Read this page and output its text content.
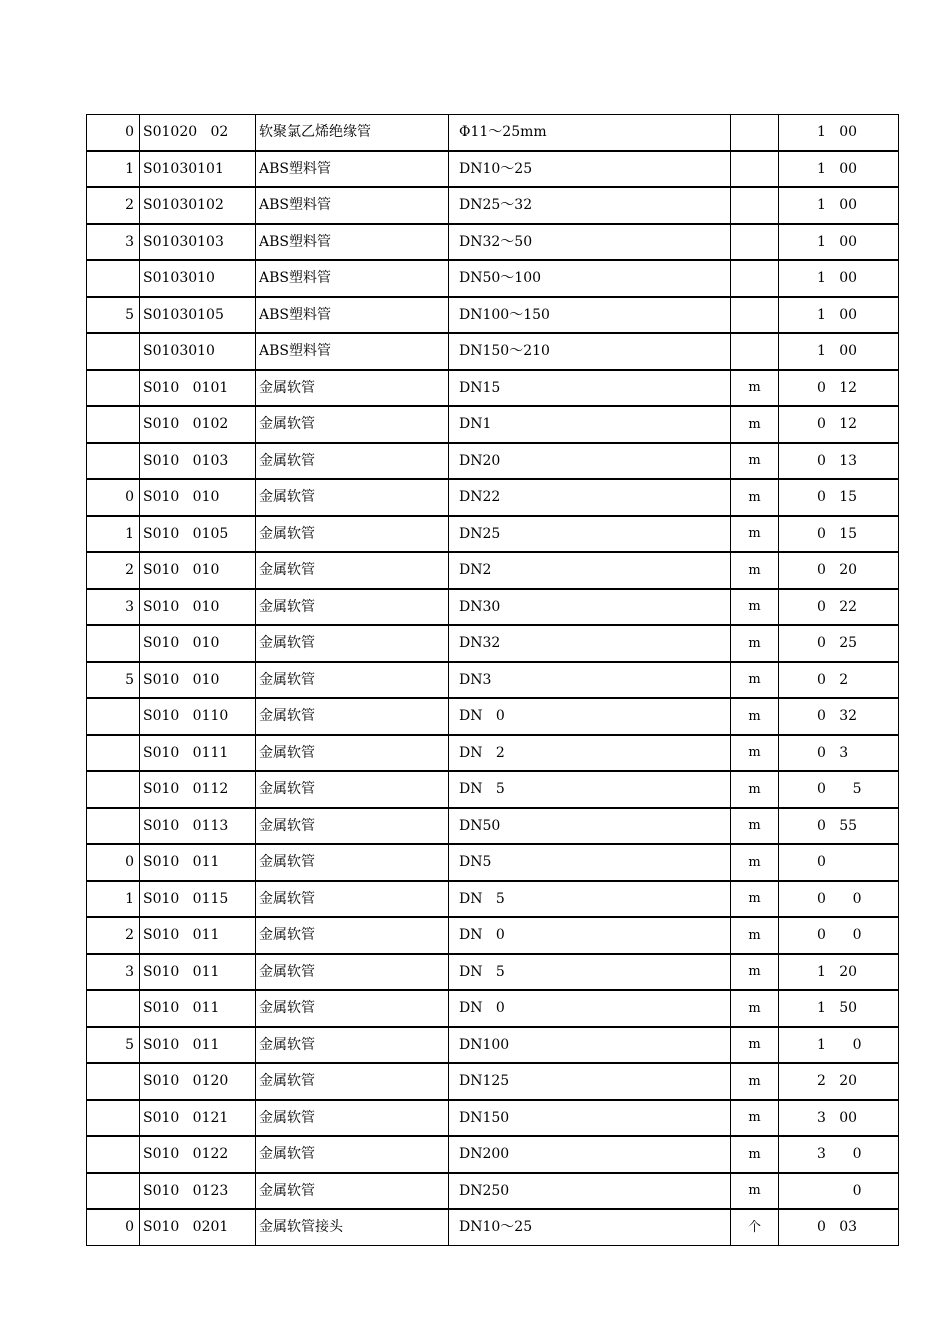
0	S01020   02	软聚氯乙烯绝缘管	Φ11～25mm		1   00
1	S01030101	ABS塑料管	DN10～25		1   00
2	S01030102	ABS塑料管	DN25～32		1   00
3	S01030103	ABS塑料管	DN32～50		1   00
	S0103010	ABS塑料管	DN50～100		1   00
5	S01030105	ABS塑料管	DN100～150		1   00
	S0103010	ABS塑料管	DN150～210		1   00
	S010   0101	金属软管	DN15	m	0   12
	S010   0102	金属软管	DN1	m	0   12
	S010   0103	金属软管	DN20	m	0   13
0	S010   010	金属软管	DN22	m	0   15
1	S010   0105	金属软管	DN25	m	0   15
2	S010   010	金属软管	DN2	m	0   20
3	S010   010	金属软管	DN30	m	0   22
	S010   010	金属软管	DN32	m	0   25
5	S010   010	金属软管	DN3	m	0   2
	S010   0110	金属软管	DN   0	m	0   32
	S010   0111	金属软管	DN   2	m	0   3
	S010   0112	金属软管	DN   5	m	0      5
	S010   0113	金属软管	DN50	m	0   55
0	S010   011	金属软管	DN5	m	0
1	S010   0115	金属软管	DN   5	m	0      0
2	S010   011	金属软管	DN   0	m	0      0
3	S010   011	金属软管	DN   5	m	1   20
	S010   011	金属软管	DN   0	m	1   50
5	S010   011	金属软管	DN100	m	1      0
	S010   0120	金属软管	DN125	m	2   20
	S010   0121	金属软管	DN150	m	3   00
	S010   0122	金属软管	DN200	m	3      0
	S010   0123	金属软管	DN250	m	0
0	S010   0201	金属软管接头	DN10～25	个	0   03
